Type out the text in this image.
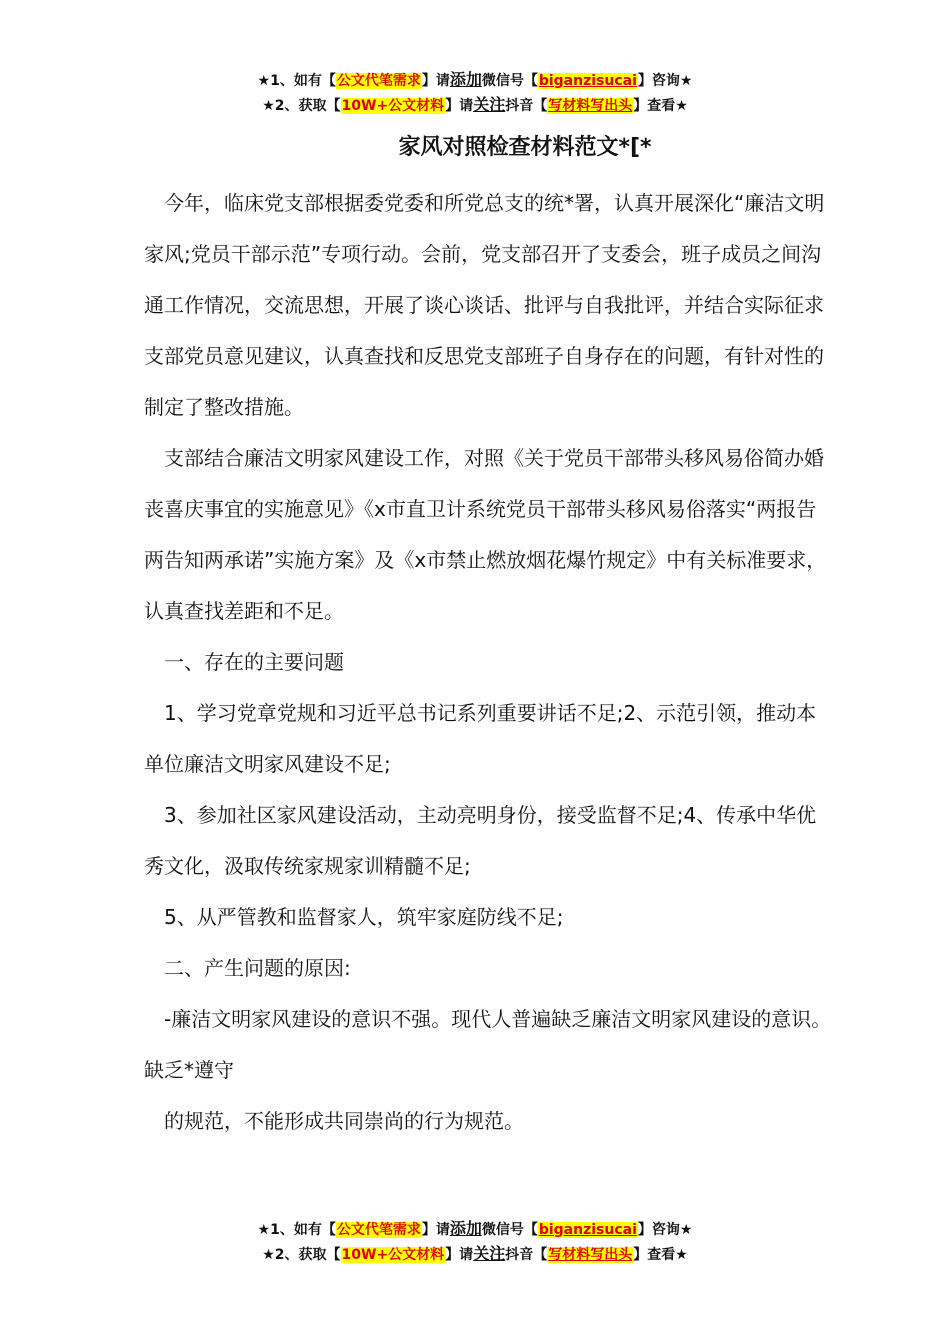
★1、如有【公文代笔需求】请添加微信号【biganzisucai】咨询★
★2、获取【10W+公文材料】请关注抖音【写材料写出头】查看★
家风对照检查材料范文*[*

今年，临床党支部根据委党委和所党总支的统*署，认真开展深化“廉洁文明家风;党员干部示范”专项行动。会前，党支部召开了支委会，班子成员之间沟通工作情况，交流思想，开展了谈心谈话、批评与自我批评，并结合实际征求支部党员意见建议，认真查找和反思党支部班子自身存在的问题，有针对性的制定了整改措施。

支部结合廉洁文明家风建设工作，对照《关于党员干部带头移风易俗简办婚丧喜庆事宜的实施意见》《x市直卫计系统党员干部带头移风易俗落实“两报告两告知两承诺”实施方案》及《x市禁止燃放烟花爆竹规定》中有关标准要求，认真查找差距和不足。

一、存在的主要问题

1、学习党章党规和习近平总书记系列重要讲话不足;2、示范引领，推动本单位廉洁文明家风建设不足;

3、参加社区家风建设活动，主动亮明身份，接受监督不足;4、传承中华优秀文化，汲取传统家规家训精髓不足;

5、从严管教和监督家人，筑牢家庭防线不足;

二、产生问题的原因:

-廉洁文明家风建设的意识不强。现代人普遍缺乏廉洁文明家风建设的意识。缺乏*遵守

的规范，不能形成共同崇尚的行为规范。

★1、如有【公文代笔需求】请添加微信号【biganzisucai】咨询★
★2、获取【10W+公文材料】请关注抖音【写材料写出头】查看★
